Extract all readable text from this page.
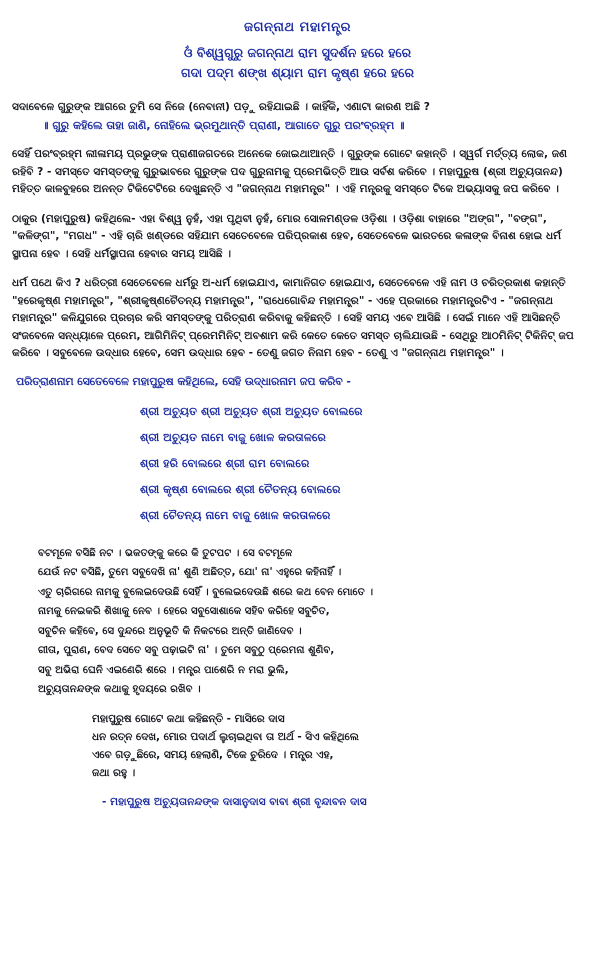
ଜଗନ୍ନାଥ ମହାମନ୍ତ୍ର
ଓଁ ବିଶ୍ୱଗୁରୁ ଜଗନ୍ନାଥ ରାମ ସୁଦର୍ଶନ ହରେ ହରେ
ଗଦା ପଦ୍ମ ଶଙ୍ଖ ଶ୍ୟାମ ରାମ କୃଷ୍ଣ ହରେ ହରେ
ସଦାବେଳେ ଗୁରୁଙ୍କ ଆଗରେ ତୁମି ସେ ନିଜେ (ନେବାନୀ) ପଡ଼ୁ ରହିଯାଇଛି । କାହିଁକି, ଏଣାଟା କାରଣ ଅଛି ?
॥ ଗୁରୁ କହିଲେ ତାହା ଜାଣି, ନୋହିଲେ ଭ୍ରମୁଥାନ୍ତି ପ୍ରାଣୀ, ଆଗାତେ ଗୁରୁ ପରଂବ୍ରହ୍ମ ॥
ସେହିଁ ପରଂବ୍ରହ୍ମ ଲୀଳାମୟ ପ୍ରଭୁଙ୍କ ପ୍ରାଣୀଜଗତରେ ଅନେକେ ଜୋଇଥାଆନ୍ତି । ଗୁରୁଙ୍କ ଗୋଟେ କହାନ୍ତି । ସ୍ୱର୍ଗ ମର୍ତ୍ତ୍ୟ ଲୋକ, ଜଣ ରହିବି ? - ସମସ୍ତେ ସମସ୍ତଙ୍କୁ ଗୁରୁଭାବରେ ଗୁରୁଙ୍କ ପଦ ଗୁରୁନାମକୁ ପ୍ରେମଭିତ୍ତି ଆଉ ସର୍ବଶ କରିବେ । ମହାପୁରୁଷ (ଶ୍ରୀ ଅଚ୍ୟୁତାନନ୍ଦ) ମହିତ୍ତ କାଳବୁହରେ ଅନନ୍ତ ଟିକିଟେଟିରେ ଦେଖୁଛନ୍ତି ଏ "ଜଗନ୍ନାଥ ମହାମନ୍ତ୍ର" । ଏହି ମନ୍ତ୍ରକୁ ସମସ୍ତେ ଟିକେ ଅଭ୍ୟାସକୁ ଜପ କରିବେ ।
ଠାକୁର (ମହାପୁରୁଷ) କହିଥିଲେ- ଏହା ବିଶ୍ୱ ନୁହଁ, ଏହା ପୃଥିବୀ ନୁହଁ, ମୋର ସୋଳମଣ୍ଡଳ ଓଡ଼ିଶା । ଓଡ଼ିଶା ବାହାରେ "ଅଙ୍ଗ", "ବଙ୍ଗ", "କଳିଙ୍ଗ", "ମଗଧ" - ଏହି ଚାରି ଖଣ୍ଡରେ ସହିଯାମ ସେତେବେଳେ ପରିପ୍ରକାଶ ହେବ, ସେତେବେଳେ ଭାରତରେ କଳାଙ୍କ ବିନାଶ ହୋଇ ଧର୍ମ ସ୍ଥାପନା ହେବ । ସେହି ଧର୍ମସ୍ଥାପନା ହେବାର ସମୟ ଆସିଛି ।
ଧର୍ମ ପଥେ କିଏ ? ଧରିତ୍ରୀ ସେତେବେଳେ ଧର୍ମରୁ ଅ-ଧର୍ମ ହୋଇଯାଏ, କାମାନିଗତ ହୋଇଯାଏ, ସେତେବେଳେ ଏହି ନାମ ଓ ଚରିତ୍ରକାଶ କହାନ୍ତି "ହରେକୃଷ୍ଣ ମହାମନ୍ତ୍ର", "ଶ୍ରୀକୃଷ୍ଣଚୈତନ୍ୟ ମହାମନ୍ତ୍ର", "ରାଧେଗୋବିନ୍ଦ ମହାମନ୍ତ୍ର" - ଏହେ ପ୍ରକାରେ ମହାମନ୍ତ୍ରଟିଏ - "ଜଗନ୍ନାଥ ମହାମନ୍ତ୍ର" କଳିଯୁଗରେ ପ୍ରଚାର କରି ସମସ୍ତଙ୍କୁ ପରିତ୍ରାଣ କରିବାକୁ କହିଛନ୍ତି । ସେହି ସମୟ ଏବେ ଆସିଛି । ସେଇଁ ମାନେ ଏହି ଆସିଛନ୍ତି ସଂଜବେଳେ ସନ୍ଧ୍ୟାଳେ ପ୍ରେମ, ଆଗିମିନିଟ୍ ପ୍ରେମମିନିଟ୍ ଅବଶାମ କରି କେତେ କେତେ ସମସ୍ତ ଚାଲିଯାଉଛି - ସେଥିରୁ ଆଠମିନିଟ୍ ଟିକିନିଟ୍ ଜପ କରିବେ । ସବୁବେଳେ ଉଦ୍ଧାର ହେବେ, ସେମ ଉଦ୍ଧାର ହେବ - ତେଣୁ ଜଗତ ନିନାମ ହେବ - ତେଣୁ ଏ "ଜଗନ୍ନାଥ ମହାମନ୍ତ୍ର" ।
ପରିତ୍ରାଣନାମ ସେତେବେଳେ ମହାପୁରୁଷ କହିଥିଲେ, ସେହି ଉଦ୍ଧାରନାମ ଜପ କରିବ -
ଶ୍ରୀ ଅଚ୍ୟୁତ ଶ୍ରୀ ଅଚ୍ୟୁତ ଶ୍ରୀ ଅଚ୍ୟୁତ ବୋଲରେ
ଶ୍ରୀ ଅଚ୍ୟୁତ ନାମେ ବାଜୁ ଖୋଳ କରତାଳରେ
ଶ୍ରୀ ହରି ବୋଲରେ ଶ୍ରୀ ରାମ ବୋଲରେ
ଶ୍ରୀ କୃଷ୍ଣ ବୋଲରେ ଶ୍ରୀ ଚୈତନ୍ୟ ବୋଲରେ
ଶ୍ରୀ ଚୈତନ୍ୟ ନାମେ ବାଜୁ ଖୋଳ କରତାଳରେ
ବଟମୂଳେ ବସିଛି ନଟ । ଭକତଙ୍କୁ କରେ କି ତୁଟପଟ । ସେ ବଟମୂଳେ
ଯେଉଁ ନଟ ବସିଛି, ତୁମେ ସବୁଦେଖି ନା' ଶୁଣି ଅଛିତ୍ତ, ଯୋ' ନା' ଏହୁରେ କହିନାହିଁ ।
ଏତୁ ଚାରିଗରେ ନାମକୁ ବୁଲେଇଦେଉଛି ସେହିଁ । ବୁଲେଇଦେଉଛି ଶରେ କଥ ବେନ ମୋତେ ।
ନାମକୁ ନେଇକରି ଶିଖାକୁ ନେବ । ହେରେ ସବୁସୋଶାକେ ସହିବ କରିହେ ସବୁଚିତ,
ସବୁଚିନ କହିବେ, ସେ ଦୁନ୍ଦରେ ଅନୁଭୂତି କି ନିକଟରେ ଅନ୍ତି ଜାଣିଦେବ ।
ଗୀତା, ପୁରାଣ, ବେଦ ସେତେ ସବୁ ପଢ଼ାଇଟି ନା' । ତୁମେ ସବୁଠୁ ପ୍ରେମନା ଶୁଣିବ,
ସବୁ ଅଭିରା ଘେନି ଏଇଣେରି ଶରେ । ମନ୍ତ୍ର ପାଶେରି ନ ମରା ଭୁଲି,
ଅଚ୍ୟୁତାନନ୍ଦଙ୍କ କଥାକୁ ହୃଦୟରେ ରଖିବ ।
ମହାପୁରୁଷ ଗୋଟେ କଥା କହିଛନ୍ତି - ମାସିରେ ଦାସ
ଧନ ରତ୍ନ ଦେଖ, ମୋର ପଦାର୍ଥ ଲୁଚାଇଥିବା ତା ଅର୍ଥ - ସିଏ କହିଥିଲେ
ଏବେ ଗଡ଼ୁଛିରେ, ସମୟ ହେଲାଣି, ଟିକେ ଚୁରିଦେ । ମନ୍ତ୍ର ଏହ,
ଜଥା ରହୁ ।
- ମହାପୁରୁଷ ଅଚ୍ୟୁତାନନ୍ଦଙ୍କ ଦାସାନୁଦାସ ବାବା ଶ୍ରୀ ବୃନ୍ଦାବନ ଦାସ
